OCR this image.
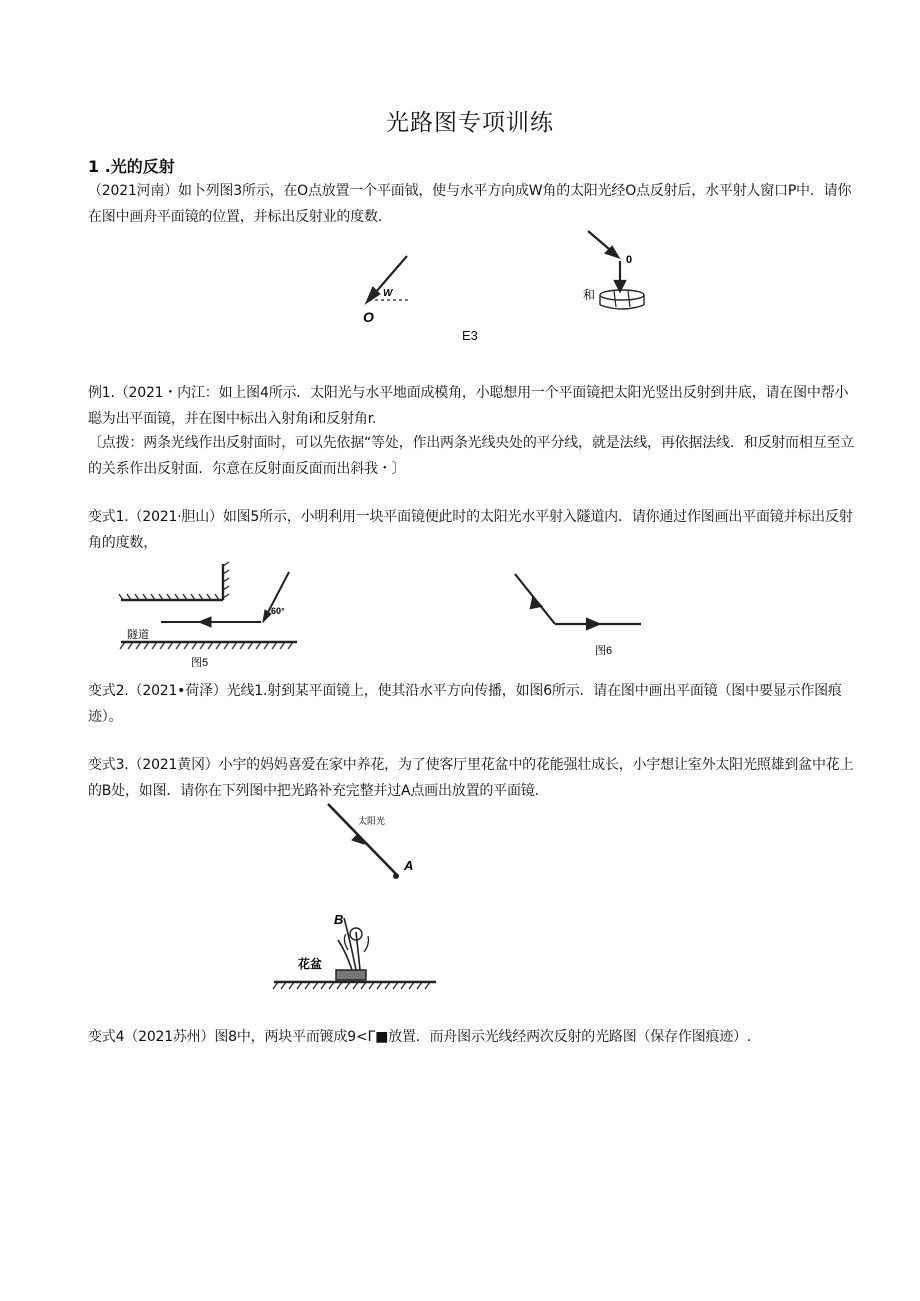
光路图专项训练
1 .光的反射
（2021河南）如卜列图3所示，在O点放置一个平面钺，使与水平方向成W角的太阳光经O点反射后，水平射人窗口P中．请你在图中画舟平面镜的位置，并标出反射业的度数.
W
O
E3
0
和
例1.（2021・内江：如上图4所示．太阳光与水平地面成模角，小聪想用一个平面镜把太阳光竖出反射到井底，请在图中帮小聪为出平面镜，并在图中标出入射角i和反射角r.
〔点拨：两条光线作出反射面时，可以先依据“等处，作出两条光线央处的平分线，就是法线，再依据法线．和反射而相互至立的关系作出反射面．尔意在反射面反面而出斜我・〕
变式1.（2021·胆山）如图5所示，小明利用一块平面镜便此时的太阳光水平射入隧道内．请你通过作图画出平面镜并标出反射角的度数，
60°
隧道
图5
图6
变式2.（2021•荷泽）光线1.射到某平面镜上，使其沿水平方向传播，如图6所示．请在图中画出平面镜（图中要显示作图痕迹）。
变式3.（2021黄冈）小宇的妈妈喜爱在家中养花，为了使客厅里花盆中的花能强壮成长，小宇想让室外太阳光照雄到盆中花上的B处，如图．请你在下列图中把光路补充完整并过A点画出放置的平面镜.
太阳光
A
B
花盆
变式4（2021苏州）图8中，两块平而镀成9<Γ■放置．而舟图示光线经两次反射的光路图（保存作图痕迹）.
